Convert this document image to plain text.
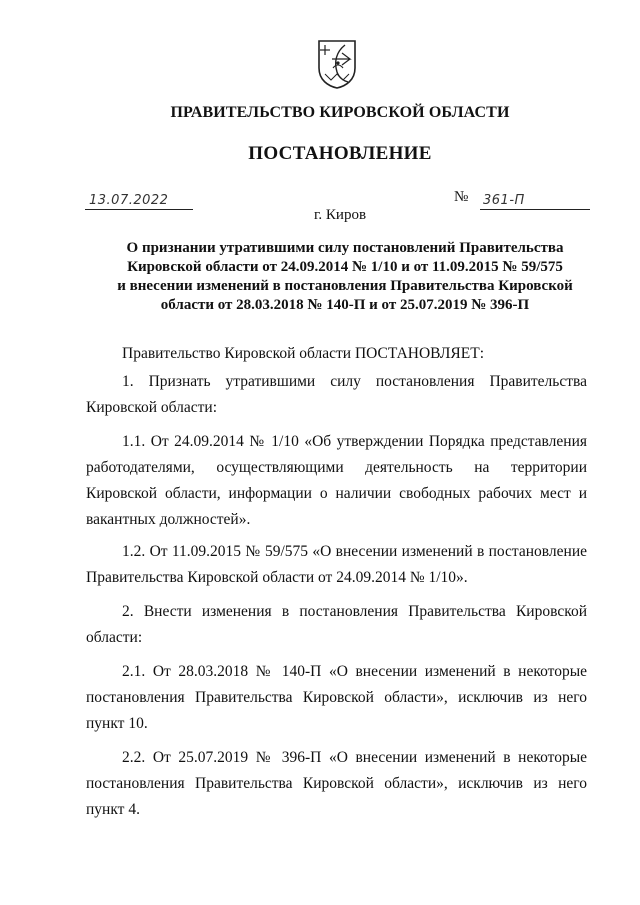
ПРАВИТЕЛЬСТВО КИРОВСКОЙ ОБЛАСТИ
ПОСТАНОВЛЕНИЕ
13.07.2022	№ 361-П
г. Киров
О признании утратившими силу постановлений Правительства
Кировской области от 24.09.2014 № 1/10 и от 11.09.2015 № 59/575
и внесении изменений в постановления Правительства Кировской
области от 28.03.2018 № 140-П и от 25.07.2019 № 396-П
Правительство Кировской области ПОСТАНОВЛЯЕТ:
1. Признать утратившими силу постановления Правительства Кировской области:
1.1. От 24.09.2014 № 1/10 «Об утверждении Порядка представления работодателями, осуществляющими деятельность на территории Кировской области, информации о наличии свободных рабочих мест и вакантных должностей».
1.2. От 11.09.2015 № 59/575 «О внесении изменений в постановление Правительства Кировской области от 24.09.2014 № 1/10».
2. Внести изменения в постановления Правительства Кировской области:
2.1. От 28.03.2018 № 140-П «О внесении изменений в некоторые постановления Правительства Кировской области», исключив из него пункт 10.
2.2. От 25.07.2019 № 396-П «О внесении изменений в некоторые постановления Правительства Кировской области», исключив из него пункт 4.
